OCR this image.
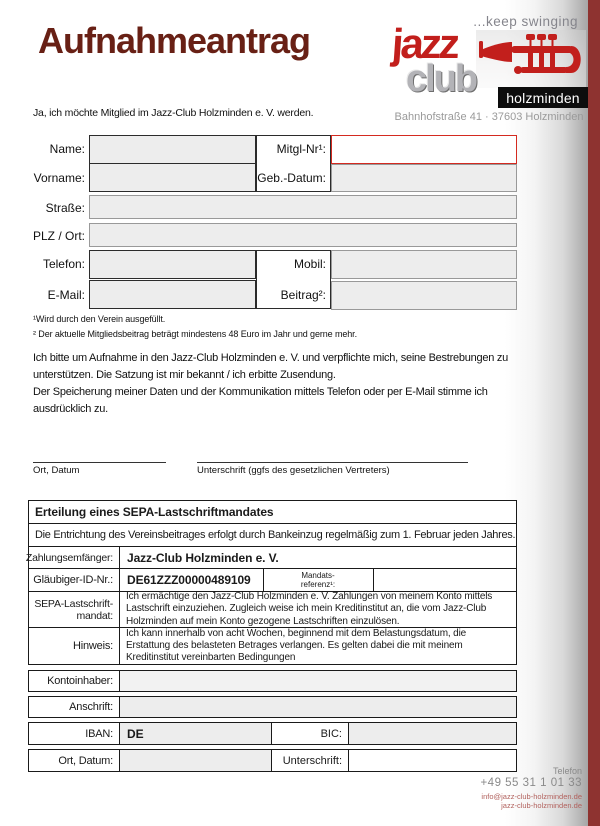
Aufnahmeantrag
Ja, ich möchte Mitglied im Jazz-Club Holzminden e. V. werden.
...keep swinging
jazz
club	holzminden
Bahnhofstraße 41 · 37603 Holzminden
Name:	Mitgl-Nr¹:
Vorname:	Geb.-Datum:
Straße:
PLZ / Ort:
Telefon:	Mobil:
E-Mail:	Beitrag²:
¹Wird durch den Verein ausgefüllt.
² Der aktuelle Mitgliedsbeitrag beträgt mindestens 48 Euro im Jahr und gerne mehr.
Ich bitte um Aufnahme in den Jazz-Club Holzminden e. V. und verpflichte mich, seine Bestrebungen zu unterstützen. Die Satzung ist mir bekannt / ich erbitte Zusendung.
Der Speicherung meiner Daten und der Kommunikation mittels Telefon oder per E-Mail stimme ich ausdrücklich zu.
Ort, Datum	Unterschrift (ggfs des gesetzlichen Vertreters)
Erteilung eines SEPA-Lastschriftmandates
Die Entrichtung des Vereinsbeitrages erfolgt durch Bankeinzug regelmäßig zum 1. Februar jeden Jahres.
Zahlungsemfänger:	Jazz-Club Holzminden e. V.
Gläubiger-ID-Nr.:	DE61ZZZ00000489109	Mandats-
referenz¹:
SEPA-Lastschrift-
mandat:
Ich ermächtige den Jazz-Club Holzminden e. V. Zahlungen von meinem Konto mittels Lastschrift einzuziehen. Zugleich weise ich mein Kreditinstitut an, die vom Jazz-Club Holzminden auf mein Konto gezogene Lastschriften einzulösen.
Hinweis:
Ich kann innerhalb von acht Wochen, beginnend mit dem Belastungsdatum, die Erstattung des belasteten Betrages verlangen. Es gelten dabei die mit meinem Kreditinstitut vereinbarten Bedingungen
Kontoinhaber:
Anschrift:
IBAN:	DE	BIC:
Ort, Datum:	Unterschrift:
Telefon
+49 55 31 1 01 33
info@jazz-club-holzminden.de
jazz-club-holzminden.de
